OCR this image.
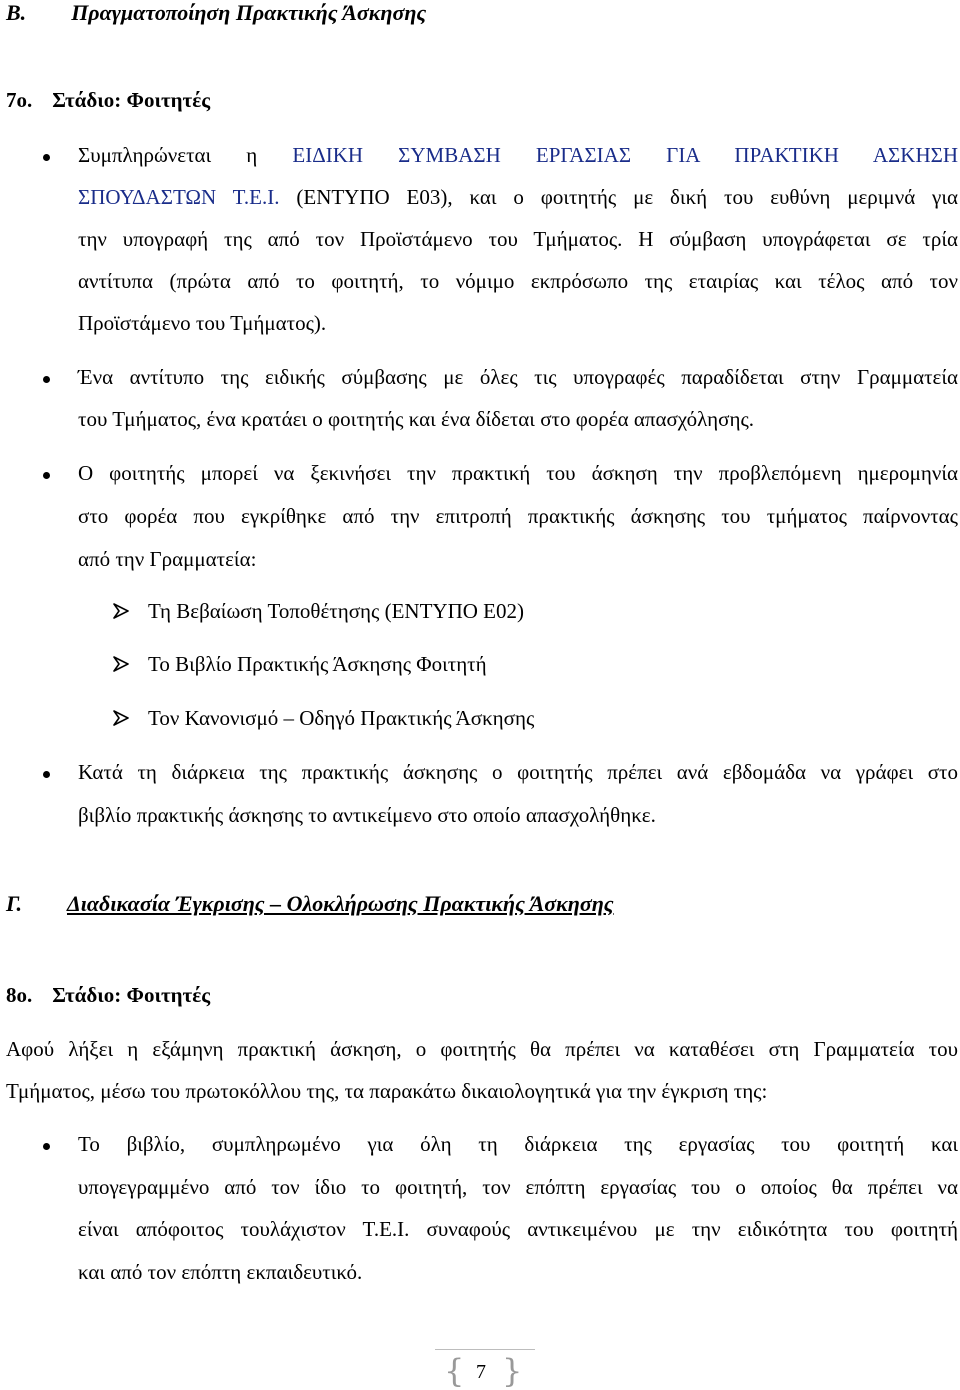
B. Πραγματοποίηση Πρακτικής Άσκησης
7ο. Στάδιο: Φοιτητές
Συμπληρώνεται η ΕΙΔΙΚΗ ΣΥΜΒΑΣΗ ΕΡΓΑΣΙΑΣ ΓΙΑ ΠΡΑΚΤΙΚΗ ΑΣΚΗΣΗ
ΣΠΟΥΔΑΣΤΩΝ Τ.Ε.Ι. (ΕΝΤΥΠΟ Ε03), και ο φοιτητής με δική του ευθύνη μεριμνά για
την υπογραφή της από τον Προϊστάμενο του Τμήματος. Η σύμβαση υπογράφεται σε τρία
αντίτυπα (πρώτα από το φοιτητή, το νόμιμο εκπρόσωπο της εταιρίας και τέλος από τον
Προϊστάμενο του Τμήματος).
Ένα αντίτυπο της ειδικής σύμβασης με όλες τις υπογραφές παραδίδεται στην Γραμματεία
του Τμήματος, ένα κρατάει ο φοιτητής και ένα δίδεται στο φορέα απασχόλησης.
Ο φοιτητής μπορεί να ξεκινήσει την πρακτική του άσκηση την προβλεπόμενη ημερομηνία
στο φορέα που εγκρίθηκε από την επιτροπή πρακτικής άσκησης του τμήματος παίρνοντας
από την Γραμματεία:
Τη Βεβαίωση Τοποθέτησης (ΕΝΤΥΠΟ Ε02)
Το Βιβλίο Πρακτικής Άσκησης Φοιτητή
Τον Κανονισμό – Οδηγό Πρακτικής Άσκησης
Κατά τη διάρκεια της πρακτικής άσκησης ο φοιτητής πρέπει ανά εβδομάδα να γράφει στο
βιβλίο πρακτικής άσκησης το αντικείμενο στο οποίο απασχολήθηκε.
Γ. Διαδικασία Έγκρισης – Ολοκλήρωσης Πρακτικής Άσκησης
8ο. Στάδιο: Φοιτητές
Αφού λήξει η εξάμηνη πρακτική άσκηση, ο φοιτητής θα πρέπει να καταθέσει στη Γραμματεία του
Τμήματος, μέσω του πρωτοκόλλου της, τα παρακάτω δικαιολογητικά για την έγκριση της:
Το βιβλίο, συμπληρωμένο για όλη τη διάρκεια της εργασίας του φοιτητή και
υπογεγραμμένο από τον ίδιο το φοιτητή, τον επόπτη εργασίας του ο οποίος θα πρέπει να
είναι απόφοιτος τουλάχιστον Τ.Ε.Ι. συναφούς αντικειμένου με την ειδικότητα του φοιτητή
και από τον επόπτη εκπαιδευτικό.
{ 7 }
